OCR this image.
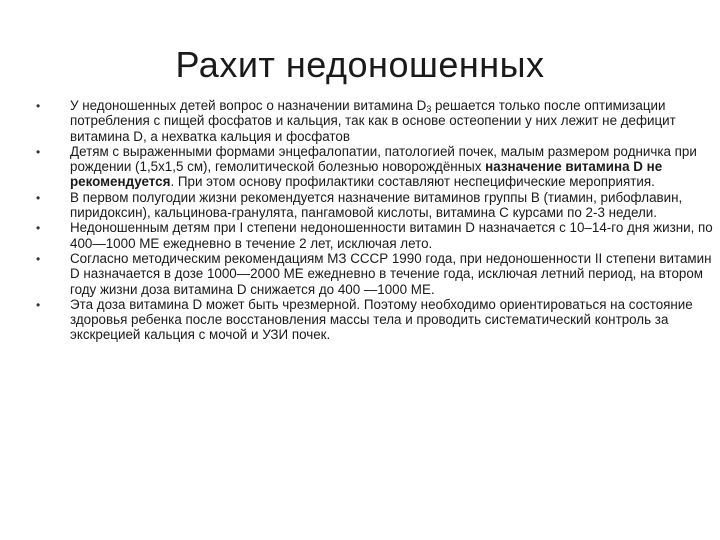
Рахит недоношенных
• У недоношенных детей вопрос о назначении витамина $D_3$ решается только после оптимизации потребления с пищей фосфатов и кальция, так как в основе остеопении у них лежит не дефицит витамина D, а нехватка кальция и фосфатов
• Детям с выраженными формами энцефалопатии, патологией почек, малым размером родничка при рождении (1,5х1,5 см), гемолитической болезнью новорождённых назначение витамина D не рекомендуется. При этом основу профилактики составляют неспецифические мероприятия.
• В первом полугодии жизни рекомендуется назначение витаминов группы В (тиамин, рибофлавин, пиридоксин), кальцинова-гранулята, пангамовой кислоты, витамина С курсами по 2-3 недели.
• Недоношенным детям при I степени недоношенности витамин D назначается с 10–14-го дня жизни, по 400—1000 МЕ ежедневно в течение 2 лет, исключая лето.
• Согласно методическим рекомендациям МЗ СССР 1990 года, при недоношенности II степени витамин D назначается в дозе 1000—2000 МЕ ежедневно в течение года, исключая летний период, на втором году жизни доза витамина D снижается до 400 —1000 МЕ.
• Эта доза витамина D может быть чрезмерной. Поэтому необходимо ориентироваться на состояние здоровья ребенка после восстановления массы тела и проводить систематический контроль за экскрецией кальция с мочой и УЗИ почек.
